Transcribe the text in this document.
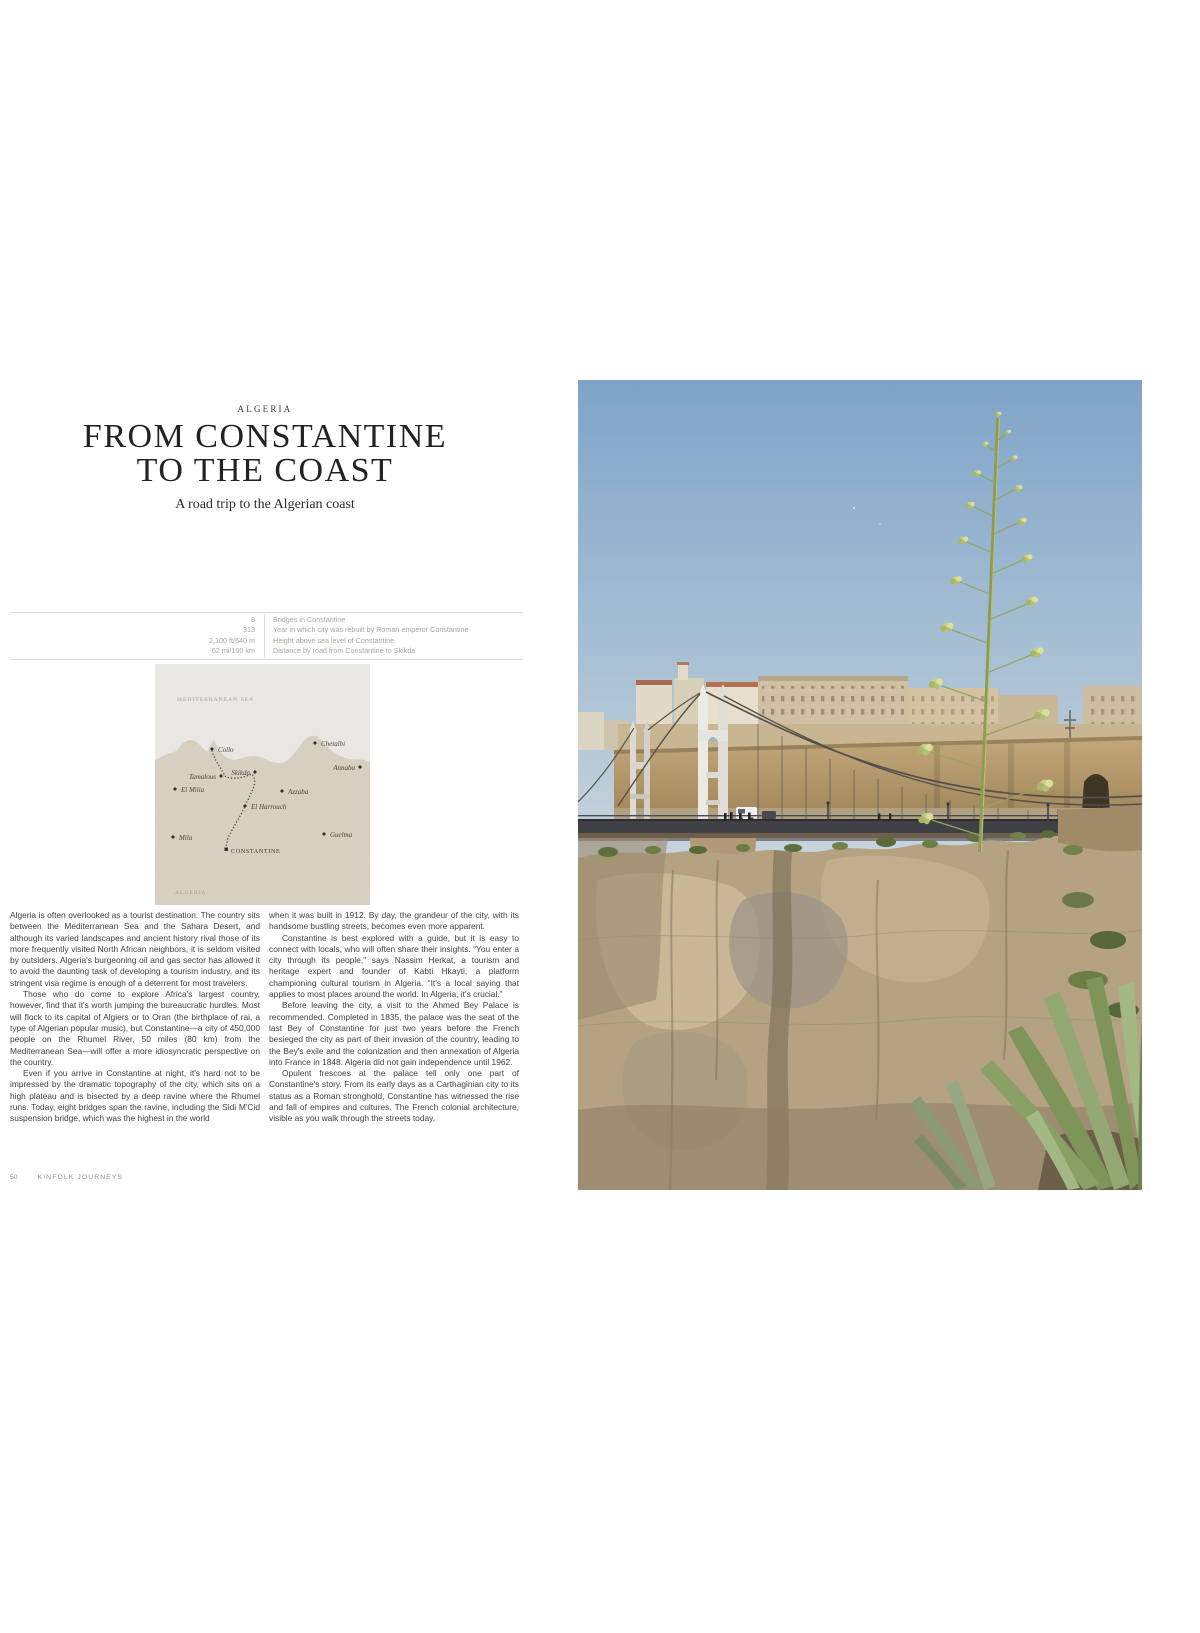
ALGERIA
FROM CONSTANTINE
TO THE COAST
A road trip to the Algerian coast
8	Bridges in Constantine
313	Year in which city was rebuilt by Roman emperor Constantine
2,100 ft/640 m	Height above sea level of Constantine
62 mi/100 km	Distance by road from Constantine to Skikda
MEDITERRANEAN SEA
Collo
Chetaïbi
Annaba
Tamalous Skikda
El Milia	Azzaba
El Harrouch
Mila	Guelma
CONSTANTINE
ALGERIA

Algeria is often overlooked as a tourist destination. The country sits between the Mediterranean Sea and the Sahara Desert, and although its varied landscapes and ancient history rival those of its more frequently visited North African neighbors, it is seldom visited by outsiders. Algeria's burgeoning oil and gas sector has allowed it to avoid the daunting task of developing a tourism industry, and its stringent visa regime is enough of a deterrent for most travelers.

Those who do come to explore Africa's largest country, however, find that it's worth jumping the bureaucratic hurdles. Most will flock to its capital of Algiers or to Oran (the birthplace of rai, a type of Algerian popular music), but Constantine—a city of 450,000 people on the Rhumel River, 50 miles (80 km) from the Mediterranean Sea—will offer a more idiosyncratic perspective on the country.

Even if you arrive in Constantine at night, it's hard not to be impressed by the dramatic topography of the city, which sits on a high plateau and is bisected by a deep ravine where the Rhumel runs. Today, eight bridges span the ravine, including the Sidi M'Cid suspension bridge, which was the highest in the world

when it was built in 1912. By day, the grandeur of the city, with its handsome bustling streets, becomes even more apparent.

Constantine is best explored with a guide, but it is easy to connect with locals, who will often share their insights. “You enter a city through its people,” says Nassim Herkat, a tourism and heritage expert and founder of Kabti Hkayti, a platform championing cultural tourism in Algeria. “It's a local saying that applies to most places around the world. In Algeria, it's crucial.”

Before leaving the city, a visit to the Ahmed Bey Palace is recommended. Completed in 1835, the palace was the seat of the last Bey of Constantine for just two years before the French besieged the city as part of their invasion of the country, leading to the Bey's exile and the colonization and then annexation of Algeria into France in 1848. Algeria did not gain independence until 1962.

Opulent frescoes at the palace tell only one part of Constantine's story. From its early days as a Carthaginian city to its status as a Roman stronghold, Constantine has witnessed the rise and fall of empires and cultures. The French colonial architecture, visible as you walk through the streets today,

50	KINFOLK JOURNEYS
